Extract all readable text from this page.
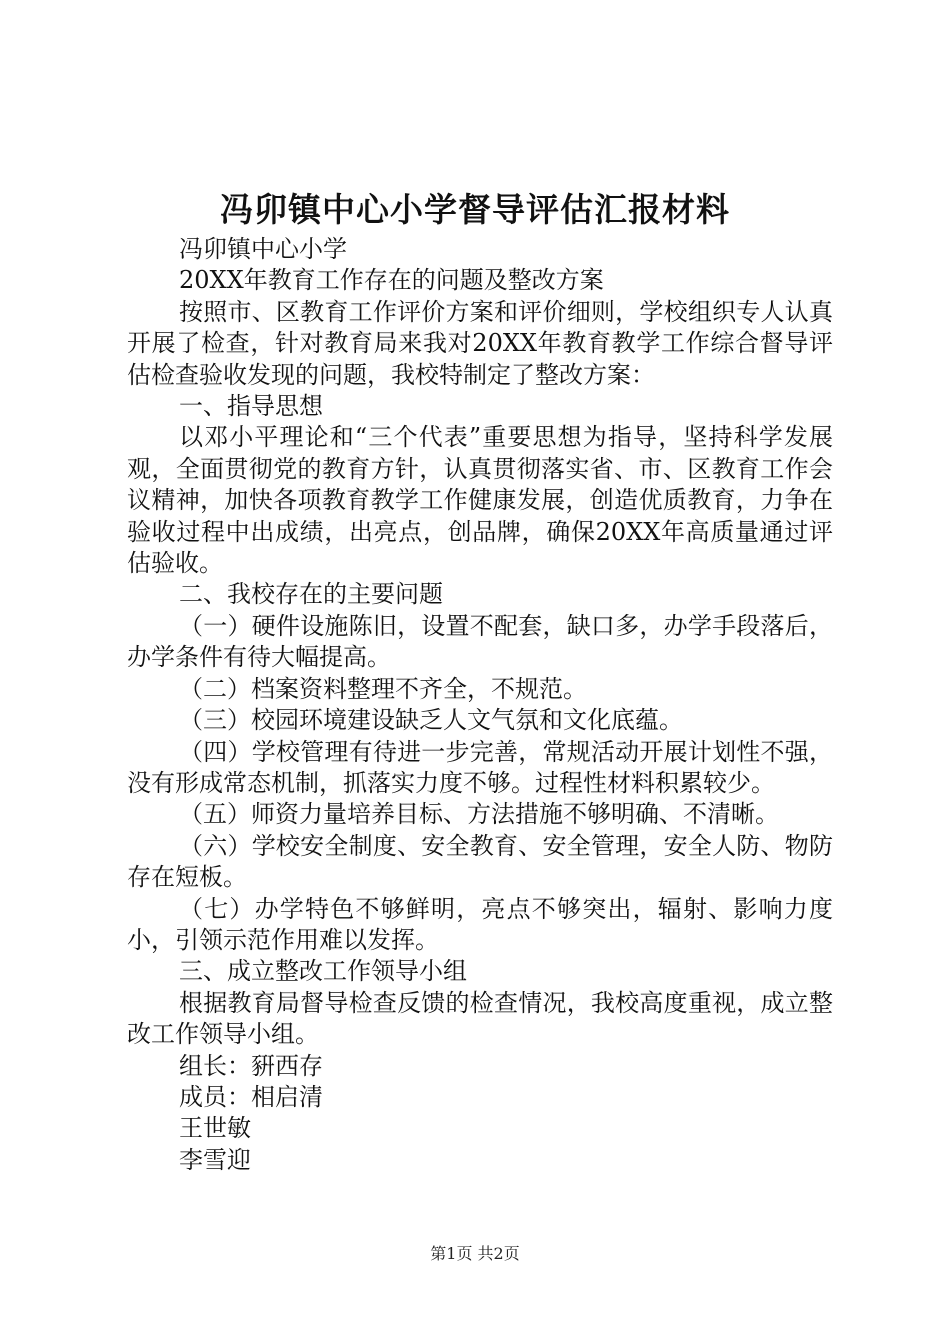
冯卯镇中心小学督导评估汇报材料

冯卯镇中心小学

20XX年教育工作存在的问题及整改方案

按照市、区教育工作评价方案和评价细则，学校组织专人认真开展了检查，针对教育局来我对20XX年教育教学工作综合督导评估检查验收发现的问题，我校特制定了整改方案：

一、指导思想

以邓小平理论和“三个代表”重要思想为指导，坚持科学发展观，全面贯彻党的教育方针，认真贯彻落实省、市、区教育工作会议精神，加快各项教育教学工作健康发展，创造优质教育，力争在验收过程中出成绩，出亮点，创品牌，确保20XX年高质量通过评估验收。

二、我校存在的主要问题

（一）硬件设施陈旧，设置不配套，缺口多，办学手段落后，办学条件有待大幅提高。

（二）档案资料整理不齐全，不规范。

（三）校园环境建设缺乏人文气氛和文化底蕴。

（四）学校管理有待进一步完善，常规活动开展计划性不强，没有形成常态机制，抓落实力度不够。过程性材料积累较少。

（五）师资力量培养目标、方法措施不够明确、不清晰。

（六）学校安全制度、安全教育、安全管理，安全人防、物防存在短板。

（七）办学特色不够鲜明，亮点不够突出，辐射、影响力度小，引领示范作用难以发挥。

三、成立整改工作领导小组

根据教育局督导检查反馈的检查情况，我校高度重视，成立整改工作领导小组。

组长：豣西存

成员：相启清

王世敏

李雪迎

第1页 共2页
